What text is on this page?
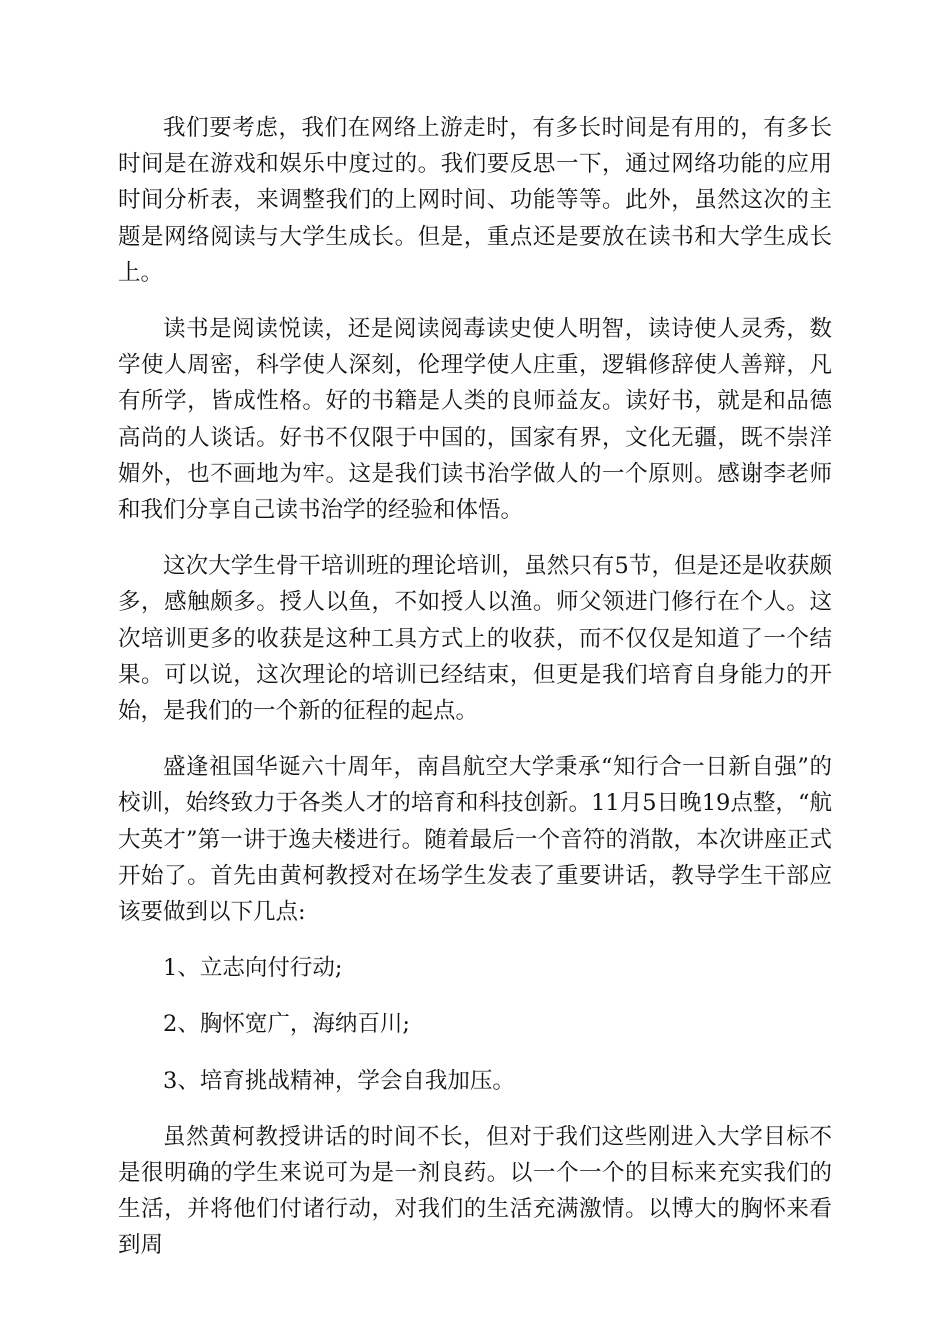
我们要考虑，我们在网络上游走时，有多长时间是有用的，有多长时间是在游戏和娱乐中度过的。我们要反思一下，通过网络功能的应用时间分析表，来调整我们的上网时间、功能等等。此外，虽然这次的主题是网络阅读与大学生成长。但是，重点还是要放在读书和大学生成长上。

读书是阅读悦读，还是阅读阅毒读史使人明智，读诗使人灵秀，数学使人周密，科学使人深刻，伦理学使人庄重，逻辑修辞使人善辩，凡有所学，皆成性格。好的书籍是人类的良师益友。读好书，就是和品德高尚的人谈话。好书不仅限于中国的，国家有界，文化无疆，既不崇洋媚外，也不画地为牢。这是我们读书治学做人的一个原则。感谢李老师和我们分享自己读书治学的经验和体悟。

这次大学生骨干培训班的理论培训，虽然只有5节，但是还是收获颇多，感触颇多。授人以鱼，不如授人以渔。师父领进门修行在个人。这次培训更多的收获是这种工具方式上的收获，而不仅仅是知道了一个结果。可以说，这次理论的培训已经结束，但更是我们培育自身能力的开始，是我们的一个新的征程的起点。

盛逢祖国华诞六十周年，南昌航空大学秉承“知行合一日新自强”的校训，始终致力于各类人才的培育和科技创新。11月5日晚19点整，“航大英才”第一讲于逸夫楼进行。随着最后一个音符的消散，本次讲座正式开始了。首先由黄柯教授对在场学生发表了重要讲话，教导学生干部应该要做到以下几点:

1、立志向付行动;

2、胸怀宽广，海纳百川;

3、培育挑战精神，学会自我加压。

虽然黄柯教授讲话的时间不长，但对于我们这些刚进入大学目标不是很明确的学生来说可为是一剂良药。以一个一个的目标来充实我们的生活，并将他们付诸行动，对我们的生活充满激情。以博大的胸怀来看到周
